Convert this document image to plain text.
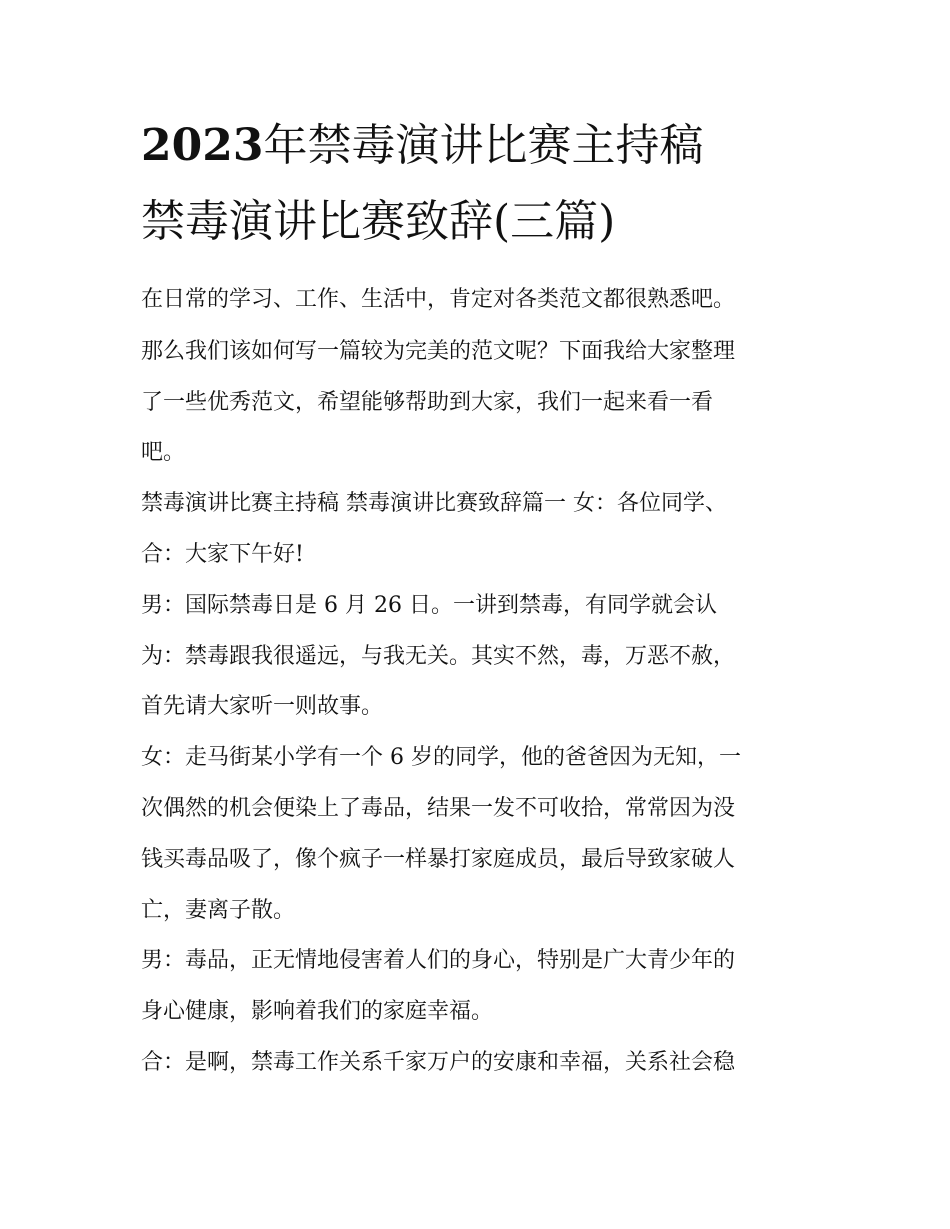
2023年禁毒演讲比赛主持稿
禁毒演讲比赛致辞(三篇)

在日常的学习、工作、生活中，肯定对各类范文都很熟悉吧。

那么我们该如何写一篇较为完美的范文呢？下面我给大家整理

了一些优秀范文，希望能够帮助到大家，我们一起来看一看

吧。

禁毒演讲比赛主持稿 禁毒演讲比赛致辞篇一 女：各位同学、

合：大家下午好!

男：国际禁毒日是 6 月 26 日。一讲到禁毒，有同学就会认

为：禁毒跟我很遥远，与我无关。其实不然，毒，万恶不赦，

首先请大家听一则故事。

女：走马街某小学有一个 6 岁的同学，他的爸爸因为无知，一

次偶然的机会便染上了毒品，结果一发不可收拾，常常因为没

钱买毒品吸了，像个疯子一样暴打家庭成员，最后导致家破人

亡，妻离子散。

男：毒品，正无情地侵害着人们的身心，特别是广大青少年的

身心健康，影响着我们的家庭幸福。

合：是啊，禁毒工作关系千家万户的安康和幸福，关系社会稳
